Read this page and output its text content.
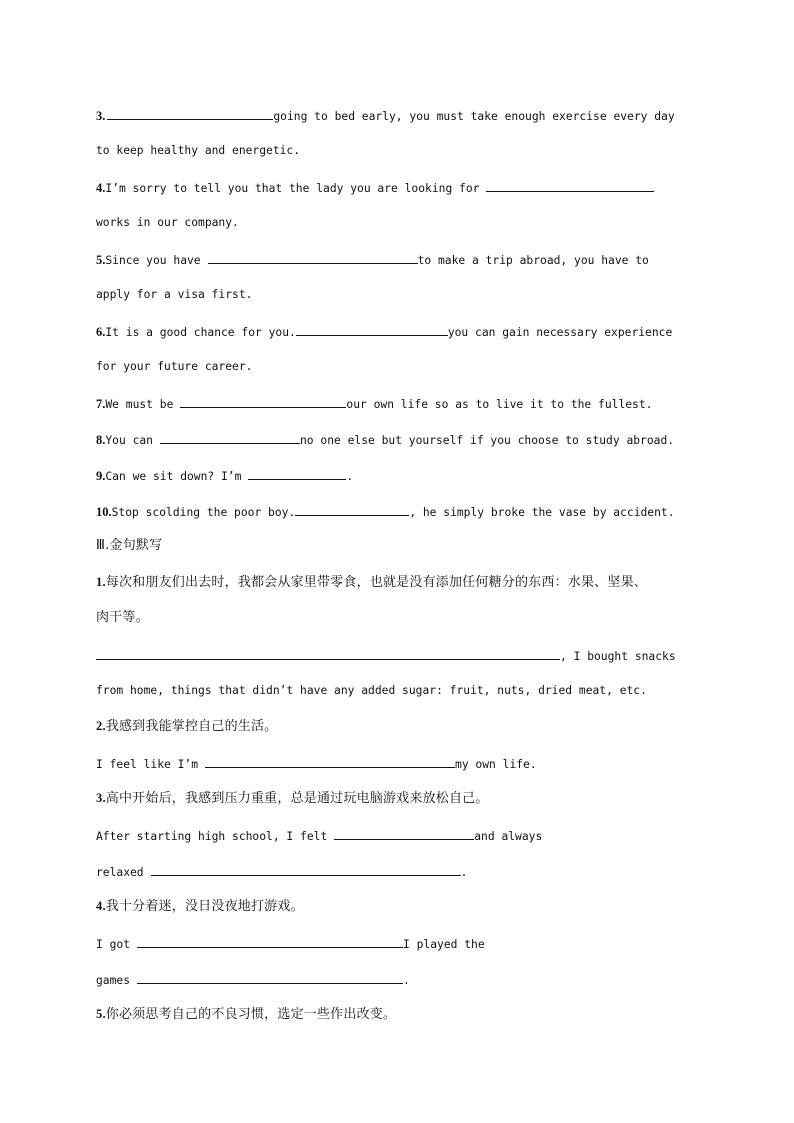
3.	going to bed early, you must take enough exercise every day
to keep healthy and energetic.
4.I’m sorry to tell you that the lady you are looking for
works in our company.
5.Since you have	to make a trip abroad, you have to
apply for a visa first.
6.It is a good chance for you.	you can gain necessary experience
for your future career.
7.We must be	our own life so as to live it to the fullest.
8.You can	no one else but yourself if you choose to study abroad.
9.Can we sit down? I’m	.
10.Stop scolding the poor boy.	, he simply broke the vase by accident.
Ⅲ.金句默写
1.每次和朋友们出去时，我都会从家里带零食，也就是没有添加任何糖分的东西：水果、坚果、
肉干等。
, I bought snacks
from home, things that didn’t have any added sugar: fruit, nuts, dried meat, etc.
2.我感到我能掌控自己的生活。
I feel like I’m	my own life.
3.高中开始后，我感到压力重重，总是通过玩电脑游戏来放松自己。
After starting high school, I felt	and always
relaxed	.
4.我十分着迷，没日没夜地打游戏。
I got	I played the
games	.
5.你必须思考自己的不良习惯，选定一些作出改变。
